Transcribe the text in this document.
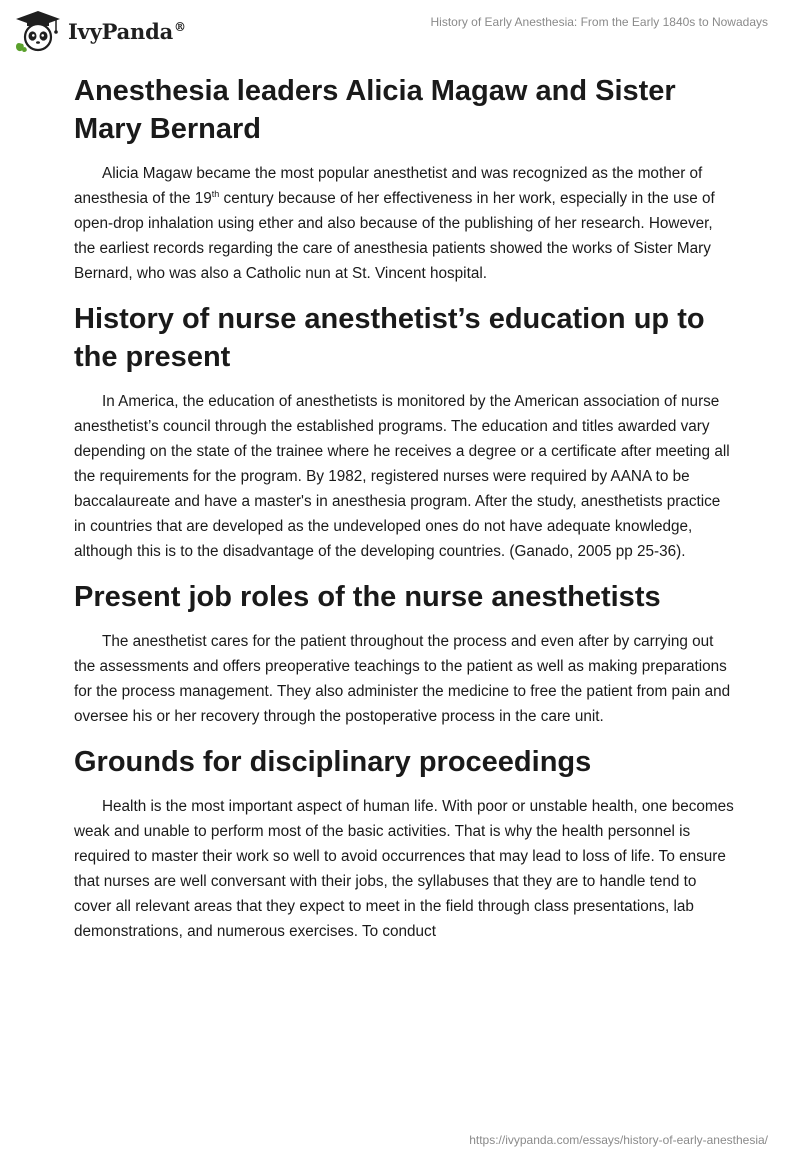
IvyPanda®	History of Early Anesthesia: From the Early 1840s to Nowadays
Anesthesia leaders Alicia Magaw and Sister Mary Bernard

Alicia Magaw became the most popular anesthetist and was recognized as the mother of anesthesia of the 19th century because of her effectiveness in her work, especially in the use of open-drop inhalation using ether and also because of the publishing of her research. However, the earliest records regarding the care of anesthesia patients showed the works of Sister Mary Bernard, who was also a Catholic nun at St. Vincent hospital.

History of nurse anesthetist’s education up to the present

In America, the education of anesthetists is monitored by the American association of nurse anesthetist’s council through the established programs. The education and titles awarded vary depending on the state of the trainee where he receives a degree or a certificate after meeting all the requirements for the program. By 1982, registered nurses were required by AANA to be baccalaureate and have a master's in anesthesia program. After the study, anesthetists practice in countries that are developed as the undeveloped ones do not have adequate knowledge, although this is to the disadvantage of the developing countries. (Ganado, 2005 pp 25-36).

Present job roles of the nurse anesthetists

The anesthetist cares for the patient throughout the process and even after by carrying out the assessments and offers preoperative teachings to the patient as well as making preparations for the process management. They also administer the medicine to free the patient from pain and oversee his or her recovery through the postoperative process in the care unit.

Grounds for disciplinary proceedings

Health is the most important aspect of human life. With poor or unstable health, one becomes weak and unable to perform most of the basic activities. That is why the health personnel is required to master their work so well to avoid occurrences that may lead to loss of life. To ensure that nurses are well conversant with their jobs, the syllabuses that they are to handle tend to cover all relevant areas that they expect to meet in the field through class presentations, lab demonstrations, and numerous exercises. To conduct

https://ivypanda.com/essays/history-of-early-anesthesia/
